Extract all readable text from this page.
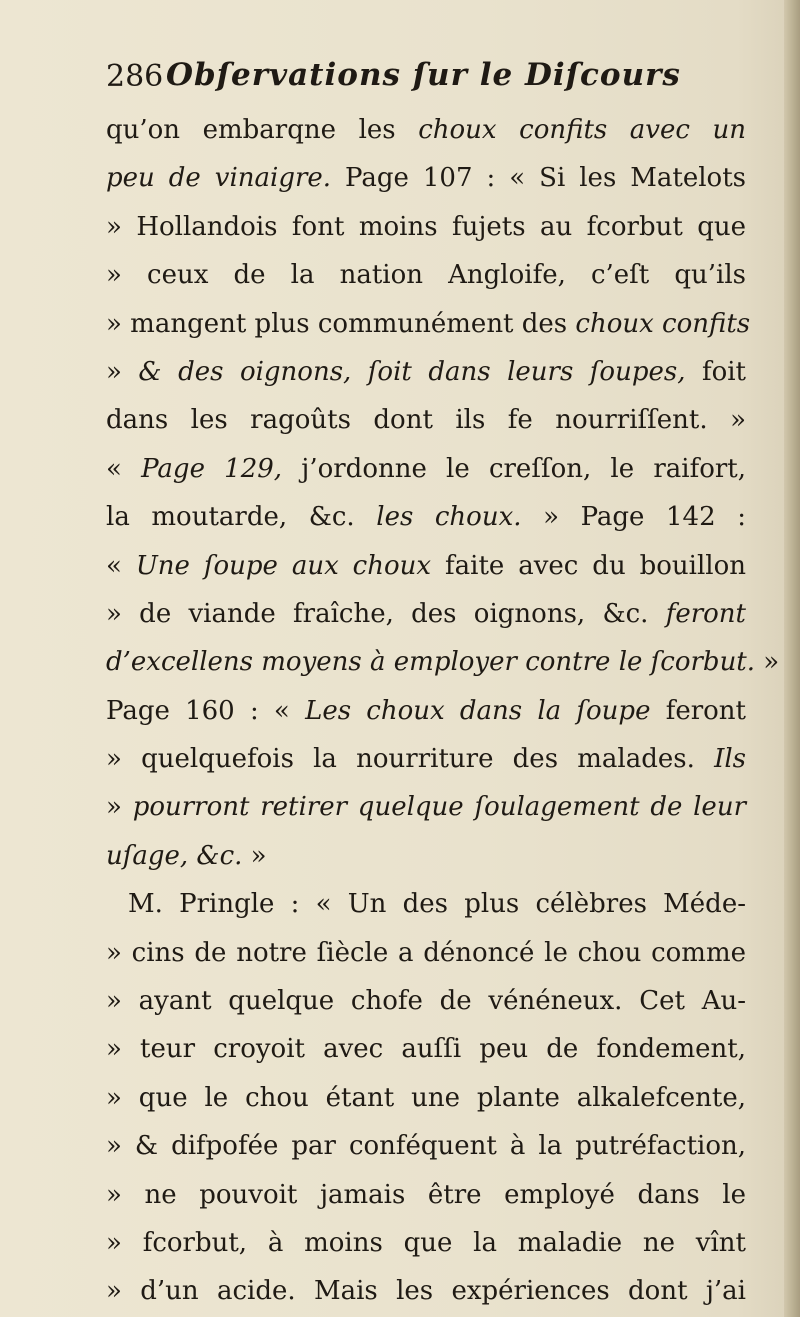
286 Obſervations ſur le Diſcours
qu’on embarqne les choux confits avec un
peu de vinaigre. Page 107 : « Si les Matelots
» Hollandois font moins fujets au fcorbut que
» ceux de la nation Angloife, c’eſt qu’ils
» mangent plus communément des choux confits
» & des oignons, ſoit dans leurs ſoupes, foit
dans les ragoûts dont ils fe nourriſſent. »
« Page 129, j’ordonne le creſſon, le raifort,
la moutarde, &c. les choux. » Page 142 :
« Une ſoupe aux choux faite avec du bouillon
» de viande fraîche, des oignons, &c. feront
d’excellens moyens à employer contre le ſcorbut. »
Page 160 : « Les choux dans la ſoupe feront
» quelquefois la nourriture des malades. Ils
» pourront retirer quelque ſoulagement de leur
uſage, &c. »
M. Pringle : « Un des plus célèbres Méde-
» cins de notre ſiècle a dénoncé le chou comme
» ayant quelque chofe de vénéneux. Cet Au-
» teur croyoit avec auſſi peu de fondement,
» que le chou étant une plante alkalefcente,
» & difpofée par conféquent à la putréfaction,
» ne pouvoit jamais être employé dans le
» fcorbut, à moins que la maladie ne vînt
» d’un acide. Mais les expériences dont j’ai
